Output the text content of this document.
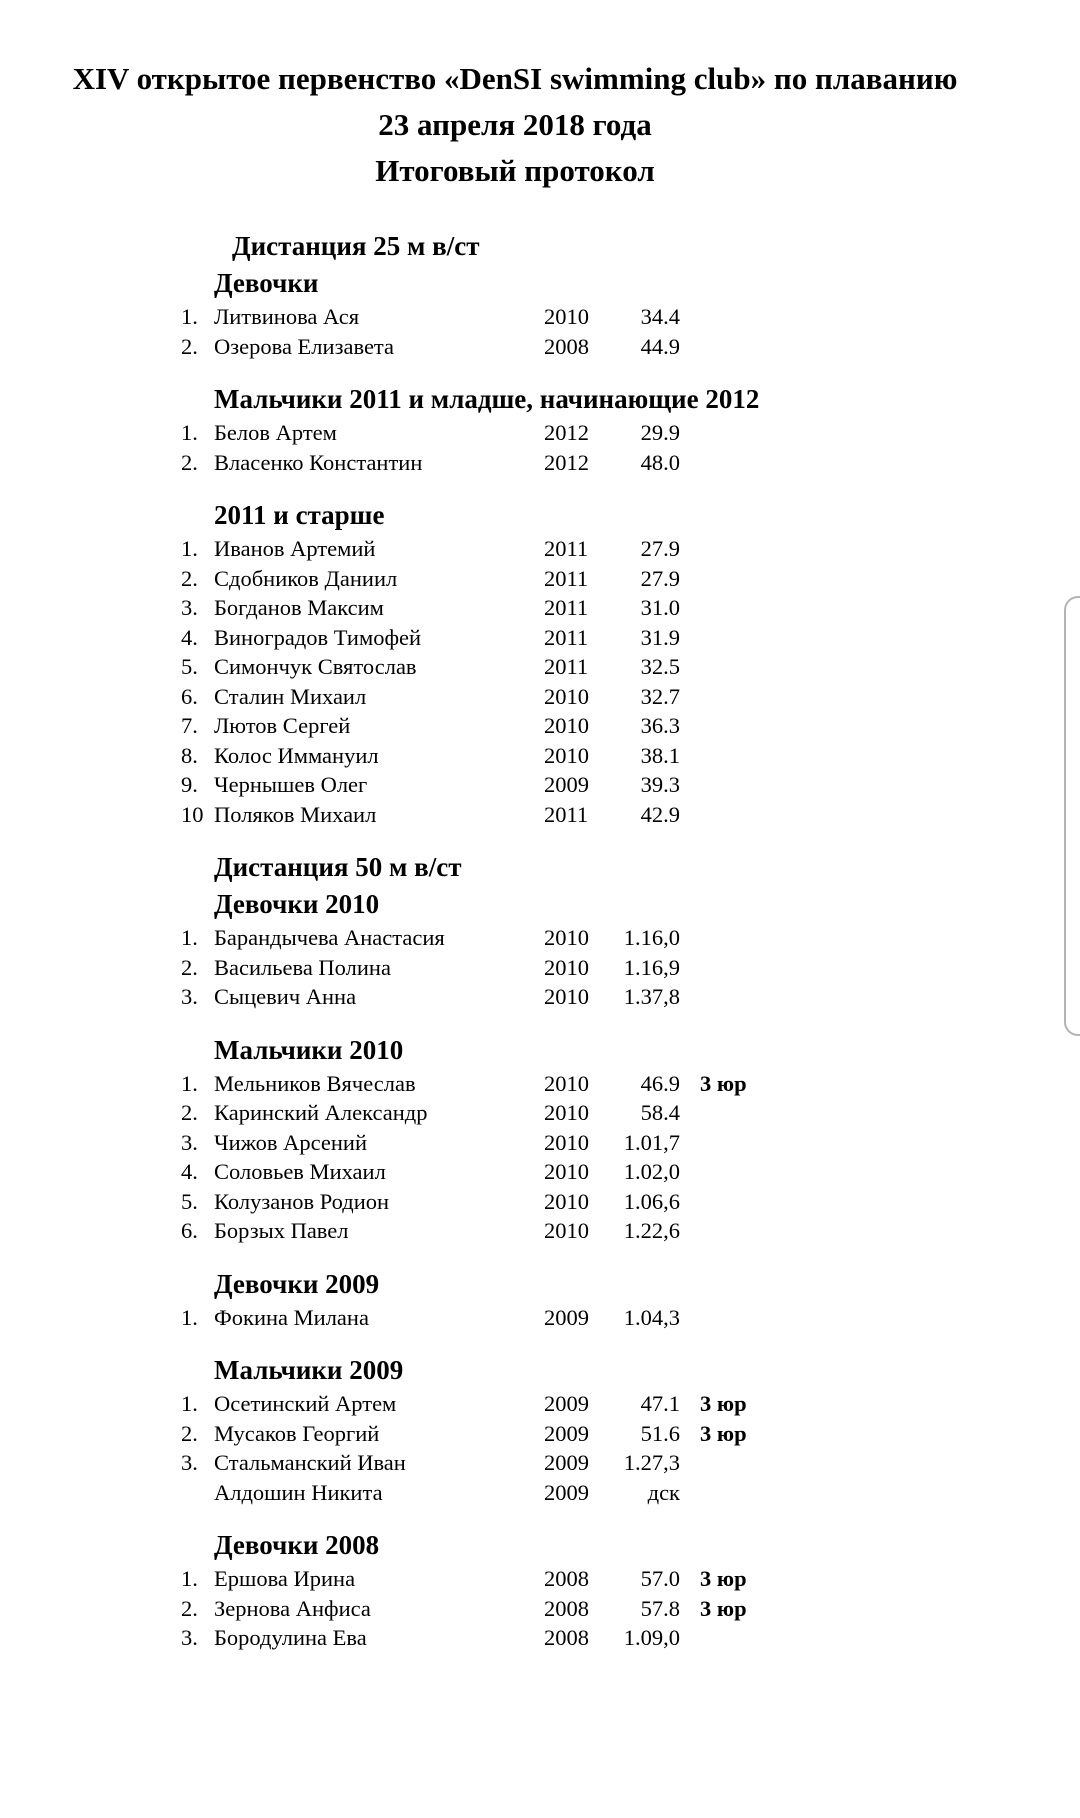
XIV открытое первенство «DenSI swimming club» по плаванию
23 апреля 2018 года
Итоговый протокол
Дистанция 25 м в/ст
Девочки
1. Литвинова Ася	2010	34.4
2. Озерова Елизавета	2008	44.9
Мальчики 2011 и младше, начинающие 2012
1. Белов Артем	2012	29.9
2. Власенко Константин	2012	48.0
2011 и старше
1. Иванов Артемий	2011	27.9
2. Сдобников Даниил	2011	27.9
3. Богданов Максим	2011	31.0
4. Виноградов Тимофей	2011	31.9
5. Симончук Святослав	2011	32.5
6. Сталин Михаил	2010	32.7
7. Лютов Сергей	2010	36.3
8. Колос Иммануил	2010	38.1
9. Чернышев Олег	2009	39.3
10 Поляков Михаил	2011	42.9
Дистанция 50 м в/ст
Девочки 2010
1. Барандычева Анастасия	2010	1.16,0
2. Васильева Полина	2010	1.16,9
3. Сыцевич Анна	2010	1.37,8
Мальчики 2010
1. Мельников Вячеслав	2010	46.9 3 юр
2. Каринский Александр	2010	58.4
3. Чижов Арсений	2010	1.01,7
4. Соловьев Михаил	2010	1.02,0
5. Колузанов Родион	2010	1.06,6
6. Борзых Павел	2010	1.22,6
Девочки 2009
1. Фокина Милана	2009	1.04,3
Мальчики 2009
1. Осетинский Артем	2009	47.1 3 юр
2. Мусаков Георгий	2009	51.6 3 юр
3. Стальманский Иван	2009	1.27,3
Алдошин Никита	2009	дск
Девочки 2008
1. Ершова Ирина	2008	57.0 3 юр
2. Зернова Анфиса	2008	57.8 3 юр
3. Бородулина Ева	2008	1.09,0
